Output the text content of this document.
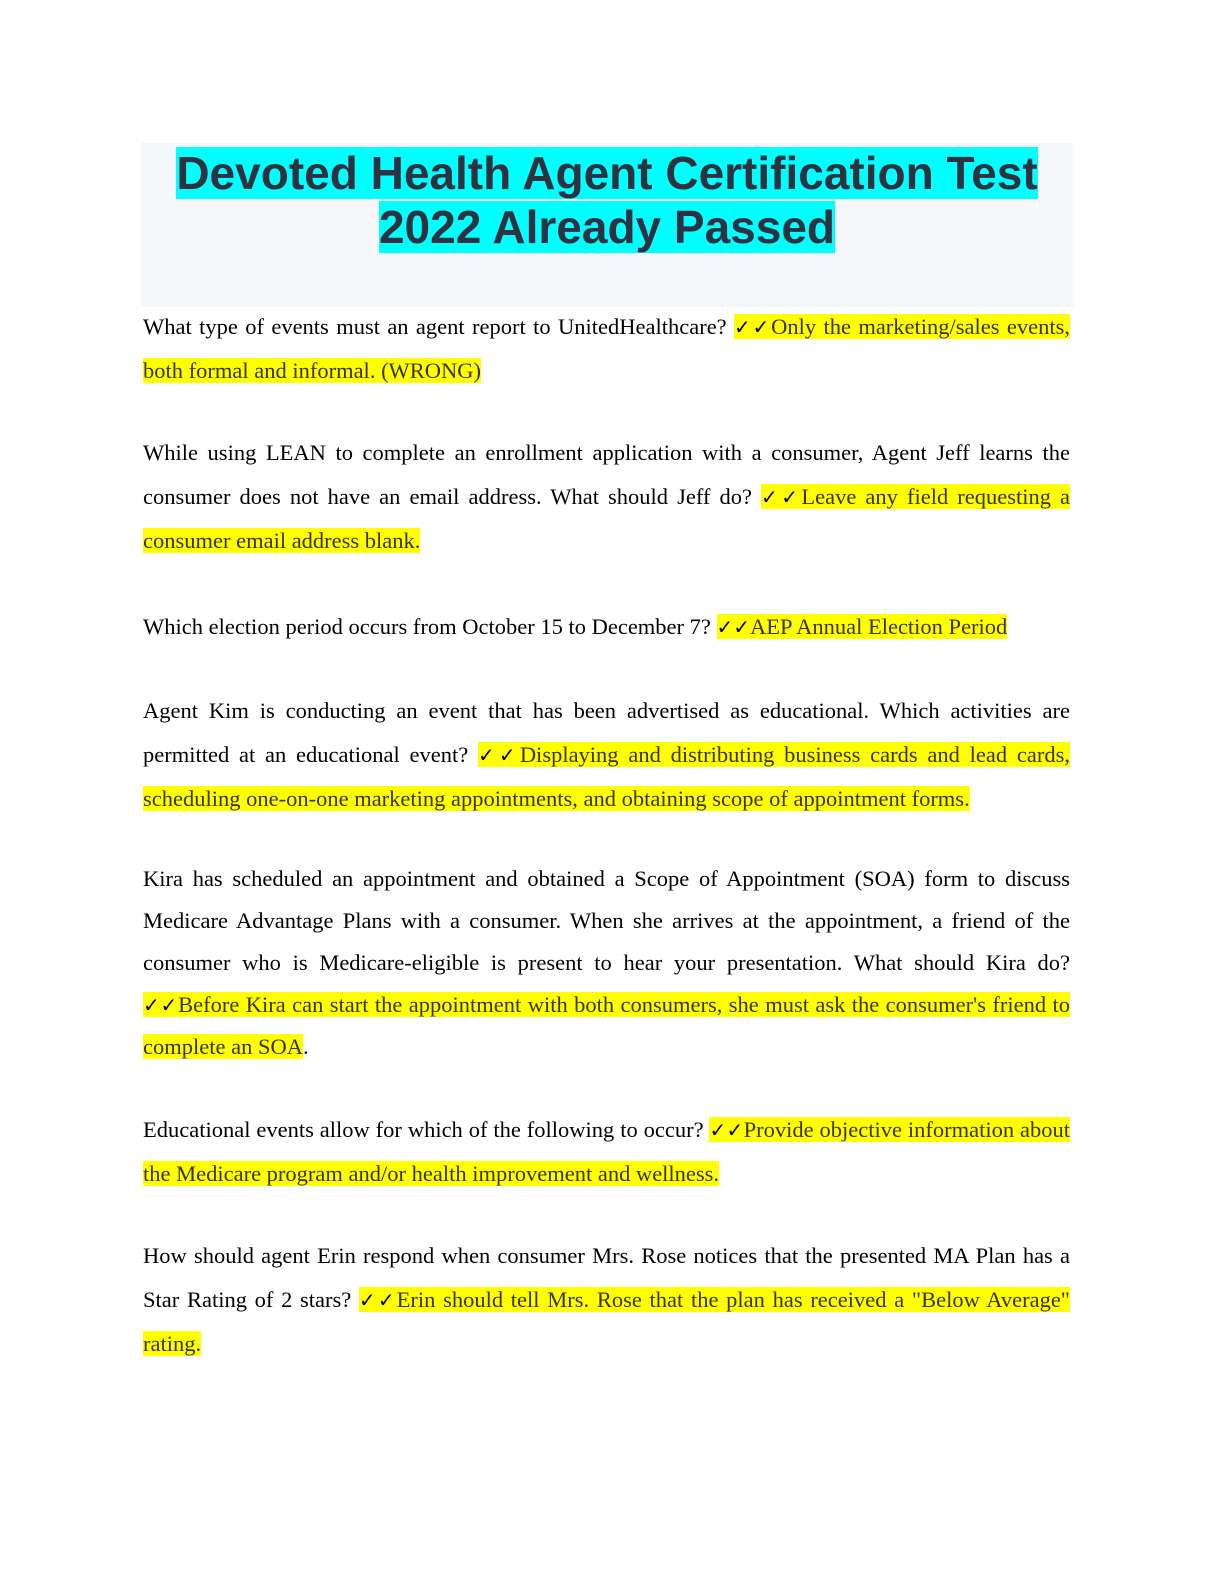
Devoted Health Agent Certification Test
2022 Already Passed

What type of events must an agent report to UnitedHealthcare? ✓✓Only the marketing/sales events, both formal and informal. (WRONG)

While using LEAN to complete an enrollment application with a consumer, Agent Jeff learns the consumer does not have an email address. What should Jeff do? ✓✓Leave any field requesting a consumer email address blank.

Which election period occurs from October 15 to December 7? ✓✓AEP Annual Election Period

Agent Kim is conducting an event that has been advertised as educational. Which activities are permitted at an educational event? ✓✓Displaying and distributing business cards and lead cards, scheduling one-on-one marketing appointments, and obtaining scope of appointment forms.

Kira has scheduled an appointment and obtained a Scope of Appointment (SOA) form to discuss Medicare Advantage Plans with a consumer. When she arrives at the appointment, a friend of the consumer who is Medicare-eligible is present to hear your presentation. What should Kira do? ✓✓Before Kira can start the appointment with both consumers, she must ask the consumer's friend to complete an SOA.

Educational events allow for which of the following to occur? ✓✓Provide objective information about the Medicare program and/or health improvement and wellness.

How should agent Erin respond when consumer Mrs. Rose notices that the presented MA Plan has a Star Rating of 2 stars? ✓✓Erin should tell Mrs. Rose that the plan has received a "Below Average" rating.
